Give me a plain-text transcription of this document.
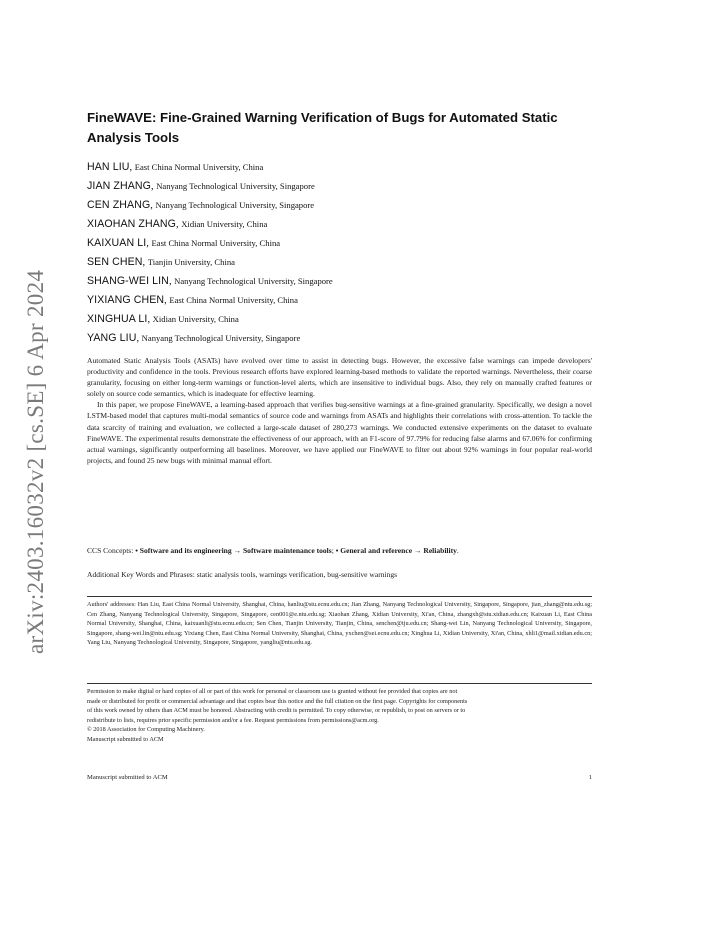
arXiv:2403.16032v2 [cs.SE] 6 Apr 2024
FineWAVE: Fine-Grained Warning Verification of Bugs for Automated Static Analysis Tools
HAN LIU, East China Normal University, China
JIAN ZHANG, Nanyang Technological University, Singapore
CEN ZHANG, Nanyang Technological University, Singapore
XIAOHAN ZHANG, Xidian University, China
KAIXUAN LI, East China Normal University, China
SEN CHEN, Tianjin University, China
SHANG-WEI LIN, Nanyang Technological University, Singapore
YIXIANG CHEN, East China Normal University, China
XINGHUA LI, Xidian University, China
YANG LIU, Nanyang Technological University, Singapore

Automated Static Analysis Tools (ASATs) have evolved over time to assist in detecting bugs. However, the excessive false warnings can impede developers' productivity and confidence in the tools. Previous research efforts have explored learning-based methods to validate the reported warnings. Nevertheless, their coarse granularity, focusing on either long-term warnings or function-level alerts, which are insensitive to individual bugs. Also, they rely on manually crafted features or solely on source code semantics, which is inadequate for effective learning.

In this paper, we propose FineWAVE, a learning-based approach that verifies bug-sensitive warnings at a fine-grained granularity. Specifically, we design a novel LSTM-based model that captures multi-modal semantics of source code and warnings from ASATs and highlights their correlations with cross-attention. To tackle the data scarcity of training and evaluation, we collected a large-scale dataset of 280,273 warnings. We conducted extensive experiments on the dataset to evaluate FineWAVE. The experimental results demonstrate the effectiveness of our approach, with an F1-score of 97.79% for reducing false alarms and 67.06% for confirming actual warnings, significantly outperforming all baselines. Moreover, we have applied our FineWAVE to filter out about 92% warnings in four popular real-world projects, and found 25 new bugs with minimal manual effort.

CCS Concepts: • Software and its engineering → Software maintenance tools; • General and reference → Reliability.
Additional Key Words and Phrases: static analysis tools, warnings verification, bug-sensitive warnings
Authors' addresses: Han Liu, East China Normal University, Shanghai, China, hanliu@stu.ecnu.edu.cn; Jian Zhang, Nanyang Technological University, Singapore, Singapore, jian_zhang@ntu.edu.sg; Cen Zhang, Nanyang Technological University, Singapore, Singapore, cen001@e.ntu.edu.sg; Xiaohan Zhang, Xidian University, Xi'an, China, zhangxh@stu.xidian.edu.cn; Kaixuan Li, East China Normal University, Shanghai, China, kaixuanli@stu.ecnu.edu.cn; Sen Chen, Tianjin University, Tianjin, China, senchen@tju.edu.cn; Shang-wei Lin, Nanyang Technological University, Singapore, Singapore, shang-wei.lin@ntu.edu.sg; Yixiang Chen, East China Normal University, Shanghai, China, yxchen@sei.ecnu.edu.cn; Xinghua Li, Xidian University, Xi'an, China, xhli1@mail.xidian.edu.cn; Yang Liu, Nanyang Technological University, Singapore, Singapore, yangliu@ntu.edu.sg.
Permission to make digital or hard copies of all or part of this work for personal or classroom use is granted without fee provided that copies are not
made or distributed for profit or commercial advantage and that copies bear this notice and the full citation on the first page. Copyrights for components
of this work owned by others than ACM must be honored. Abstracting with credit is permitted. To copy otherwise, or republish, to post on servers or to
redistribute to lists, requires prior specific permission and/or a fee. Request permissions from permissions@acm.org.
© 2018 Association for Computing Machinery.
Manuscript submitted to ACM
Manuscript submitted to ACM	1
